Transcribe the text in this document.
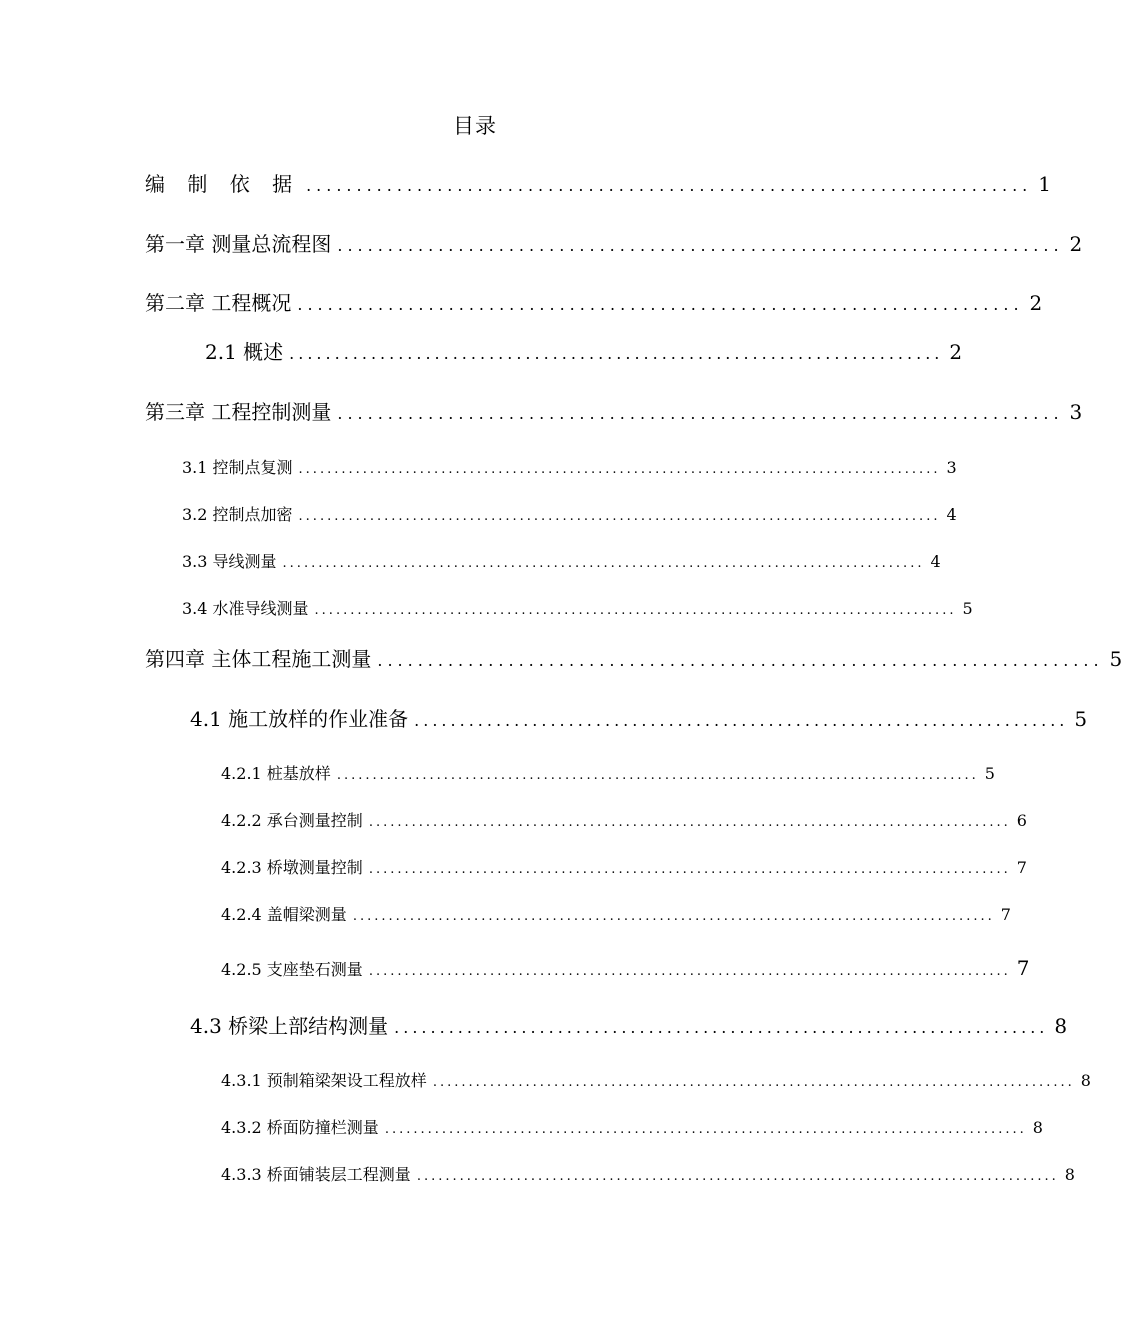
目录
编 制 依 据 ........................................................................ 1
第一章 测量总流程图 ........................................................................ 2
第二章 工程概况 ........................................................................ 2
2.1 概述 ........................................................................ 2
第三章 工程控制测量 ........................................................................ 3
3.1 控制点复测 .......................................................................................... 3
3.2 控制点加密 .......................................................................................... 4
3.3 导线测量 .......................................................................................... 4
3.4 水准导线测量 .......................................................................................... 5
第四章 主体工程施工测量 ........................................................................ 5
4.1 施工放样的作业准备 ........................................................................ 5
4.2.1 桩基放样 .......................................................................................... 5
4.2.2 承台测量控制 .......................................................................................... 6
4.2.3 桥墩测量控制 .......................................................................................... 7
4.2.4 盖帽梁测量 .......................................................................................... 7
4.2.5 支座垫石测量 .......................................................................................... 7
4.3 桥梁上部结构测量 ........................................................................ 8
4.3.1 预制箱梁架设工程放样 .......................................................................................... 8
4.3.2 桥面防撞栏测量 .......................................................................................... 8
4.3.3 桥面铺装层工程测量 .......................................................................................... 8
